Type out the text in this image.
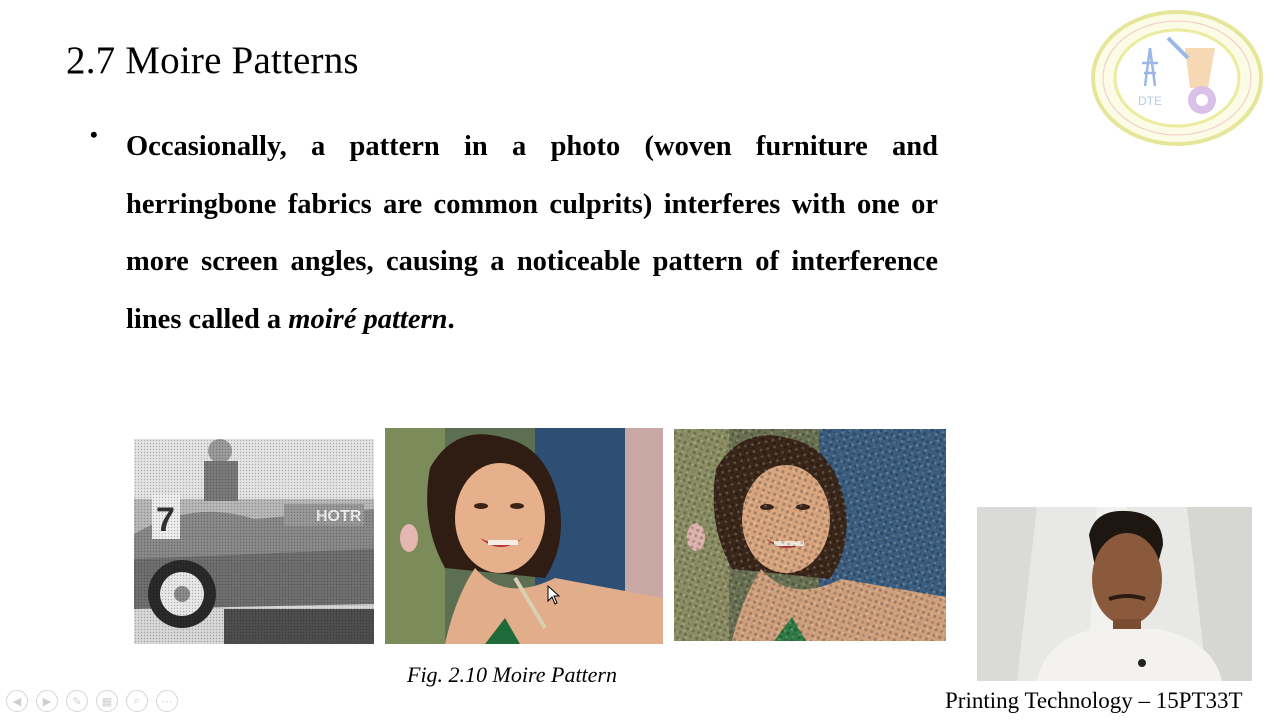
2.7 Moire Patterns
• Occasionally, a pattern in a photo (woven furniture and herringbone fabrics are common culprits) interferes with one or more screen angles, causing a noticeable pattern of interference lines called a moiré pattern.
Fig. 2.10 Moire Pattern
DTE
Printing Technology – 15PT33T
◀	▶	✎	▦	⌕	⋯
